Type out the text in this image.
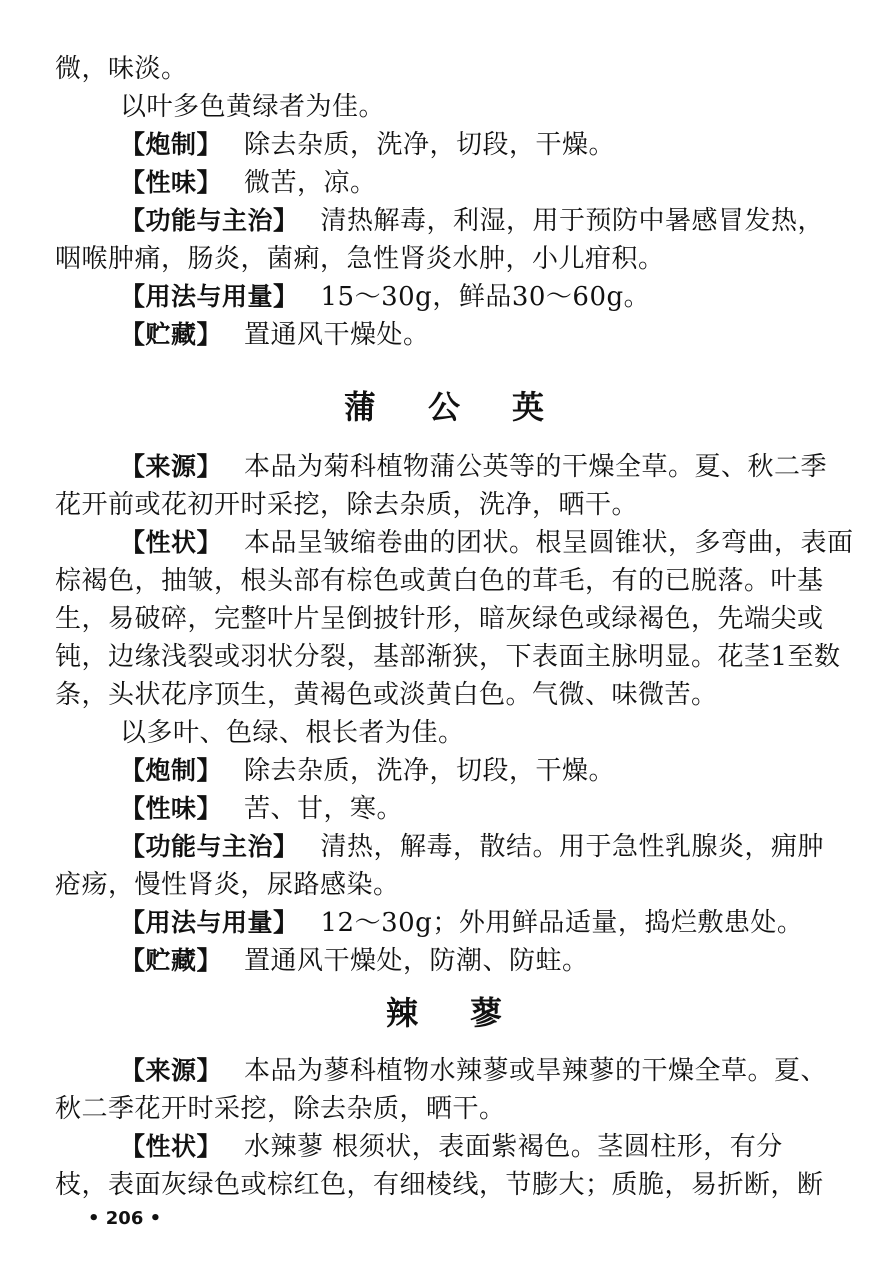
微，味淡。
以叶多色黄绿者为佳。
【炮制】 除去杂质，洗净，切段，干燥。
【性味】 微苦，凉。
【功能与主治】 清热解毒，利湿，用于预防中暑感冒发热，
咽喉肿痛，肠炎，菌痢，急性肾炎水肿，小儿疳积。
【用法与用量】 15～30g，鲜品30～60g。
【贮藏】 置通风干燥处。
蒲公英
【来源】 本品为菊科植物蒲公英等的干燥全草。夏、秋二季
花开前或花初开时采挖，除去杂质，洗净，晒干。
【性状】 本品呈皱缩卷曲的团状。根呈圆锥状，多弯曲，表面
棕褐色，抽皱，根头部有棕色或黄白色的茸毛，有的已脱落。叶基
生，易破碎，完整叶片呈倒披针形，暗灰绿色或绿褐色，先端尖或
钝，边缘浅裂或羽状分裂，基部渐狭，下表面主脉明显。花茎1至数
条，头状花序顶生，黄褐色或淡黄白色。气微、味微苦。
以多叶、色绿、根长者为佳。
【炮制】 除去杂质，洗净，切段，干燥。
【性味】 苦、甘，寒。
【功能与主治】 清热，解毒，散结。用于急性乳腺炎，痈肿
疮疡，慢性肾炎，尿路感染。
【用法与用量】 12～30g；外用鲜品适量，捣烂敷患处。
【贮藏】 置通风干燥处，防潮、防蛀。
辣蓼
【来源】 本品为蓼科植物水辣蓼或旱辣蓼的干燥全草。夏、
秋二季花开时采挖，除去杂质，晒干。
【性状】 水辣蓼 根须状，表面紫褐色。茎圆柱形，有分
枝，表面灰绿色或棕红色，有细棱线，节膨大；质脆，易折断，断
• 206 •
